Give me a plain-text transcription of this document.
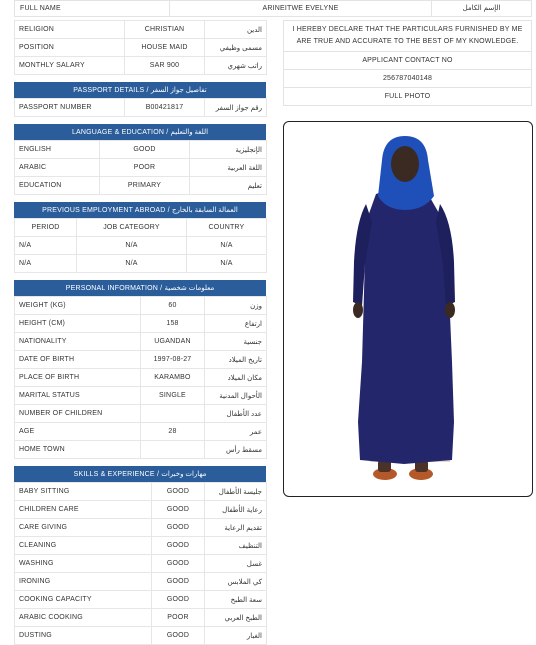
FULL NAME	ARINEITWE EVELYNE	الإسم الكامل
RELIGION	CHRISTIAN	الدين
POSITION	HOUSE MAID	مسمى وظيفي
MONTHLY SALARY	SAR 900	راتب شهري
PASSPORT DETAILS / تفاصيل جواز السفر
PASSPORT NUMBER	B00421817	رقم جواز السفر
LANGUAGE & EDUCATION / اللغة والتعليم
ENGLISH	GOOD	الإنجليزية
ARABIC	POOR	اللغة العربية
EDUCATION	PRIMARY	تعليم
PREVIOUS EMPLOYMENT ABROAD / العمالة السابقة بالخارج
PERIOD	JOB CATEGORY	COUNTRY
N/A	N/A	N/A
N/A	N/A	N/A
PERSONAL INFORMATION / معلومات شخصية
WEIGHT (KG)	60	وزن
HEIGHT (CM)	158	ارتفاع
NATIONALITY	UGANDAN	جنسية
DATE OF BIRTH	1997-08-27	تاريخ الميلاد
PLACE OF BIRTH	KARAMBO	مكان الميلاد
MARITAL STATUS	SINGLE	الأحوال المدنية
NUMBER OF CHILDREN		عدد الأطفال
AGE	28	عمر
HOME TOWN		مسقط رأس
SKILLS & EXPERIENCE / مهارات وخبرات
BABY SITTING	GOOD	جليسة الأطفال
CHILDREN CARE	GOOD	رعاية الأطفال
CARE GIVING	GOOD	تقديم الرعاية
CLEANING	GOOD	التنظيف
WASHING	GOOD	غسل
IRONING	GOOD	كي الملابس
COOKING CAPACITY	GOOD	سعة الطبخ
ARABIC COOKING	POOR	الطبخ العربي
DUSTING	GOOD	الغبار
I HEREBY DECLARE THAT THE PARTICULARS FURNISHED BY ME ARE TRUE AND ACCURATE TO THE BEST OF MY KNOWLEDGE.
APPLICANT CONTACT NO
256787040148
FULL PHOTO
